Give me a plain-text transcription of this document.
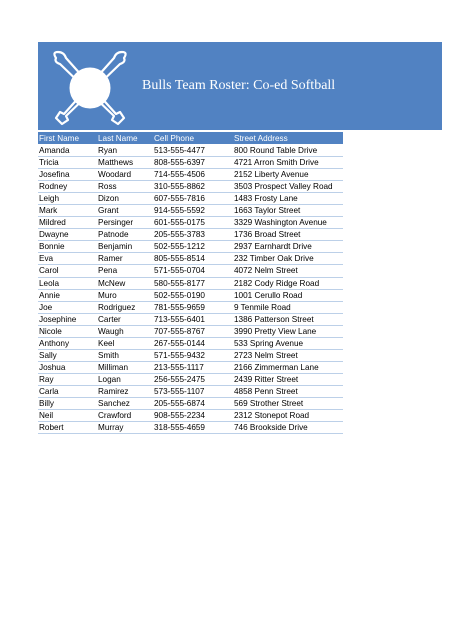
Bulls Team Roster: Co-ed Softball
First Name	Last Name	Cell Phone	Street Address
Amanda	Ryan	513-555-4477	800 Round Table Drive
Tricia	Matthews	808-555-6397	4721 Arron Smith Drive
Josefina	Woodard	714-555-4506	2152 Liberty Avenue
Rodney	Ross	310-555-8862	3503 Prospect Valley Road
Leigh	Dizon	607-555-7816	1483 Frosty Lane
Mark	Grant	914-555-5592	1663 Taylor Street
Mildred	Persinger	601-555-0175	3329 Washington Avenue
Dwayne	Patnode	205-555-3783	1736 Broad Street
Bonnie	Benjamin	502-555-1212	2937 Earnhardt Drive
Eva	Ramer	805-555-8514	232 Timber Oak Drive
Carol	Pena	571-555-0704	4072 Nelm Street
Leola	McNew	580-555-8177	2182 Cody Ridge Road
Annie	Muro	502-555-0190	1001 Cerullo Road
Joe	Rodriguez	781-555-9659	9 Tenmile Road
Josephine	Carter	713-555-6401	1386 Patterson Street
Nicole	Waugh	707-555-8767	3990 Pretty View Lane
Anthony	Keel	267-555-0144	533 Spring Avenue
Sally	Smith	571-555-9432	2723 Nelm Street
Joshua	Milliman	213-555-1117	2166 Zimmerman Lane
Ray	Logan	256-555-2475	2439 Ritter Street
Carla	Ramirez	573-555-1107	4858 Penn Street
Billy	Sanchez	205-555-6874	569 Strother Street
Neil	Crawford	908-555-2234	2312 Stonepot Road
Robert	Murray	318-555-4659	746 Brookside Drive
